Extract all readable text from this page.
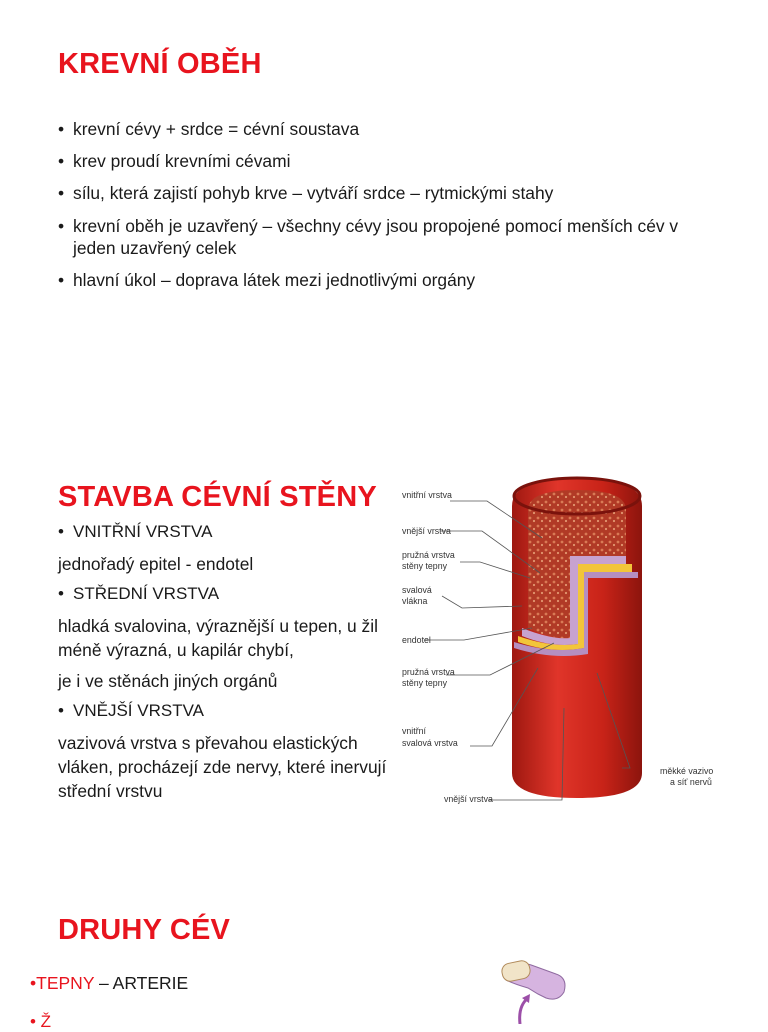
KREVNÍ OBĚH
• krevní cévy + srdce = cévní soustava
• krev proudí krevními cévami
• sílu, která zajistí pohyb krve – vytváří srdce – rytmickými stahy
• krevní oběh je uzavřený – všechny cévy jsou propojené pomocí menších cév v jeden uzavřený celek
• hlavní úkol – doprava látek mezi jednotlivými orgány
STAVBA CÉVNÍ STĚNY
• VNITŘNÍ VRSTVA
jednořadý epitel - endotel
• STŘEDNÍ VRSTVA
hladká svalovina, výraznější u tepen, u žil méně výrazná, u kapilár chybí,
je i ve stěnách jiných orgánů
• VNĚJŠÍ VRSTVA
vazivová vrstva s převahou elastických vláken, procházejí zde nervy, které inervují střední vrstvu
vnitřní vrstva
vnější vrstva
pružná vrstva
stěny tepny
svalová
vlákna
endotel
pružná vrstva
stěny tepny
vnitřní
svalová vrstva
měkké vazivo
a síť nervů
vnější vrstva
DRUHY CÉV
•TEPNY – ARTERIE
• Ž
